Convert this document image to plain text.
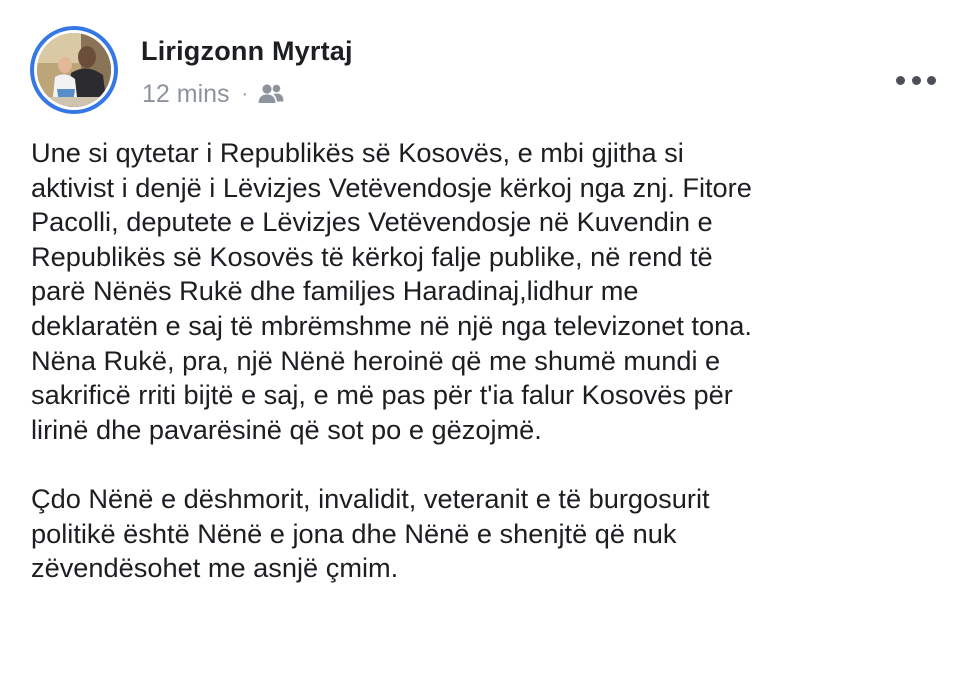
Lirigzonn Myrtaj
12 mins ·

Une si qytetar i Republikës së Kosovës, e mbi gjitha si
aktivist i denjë i Lëvizjes Vetëvendosje kërkoj nga znj. Fitore
Pacolli, deputete e Lëvizjes Vetëvendosje në Kuvendin e
Republikës së Kosovës të kërkoj falje publike, në rend të
parë Nënës Rukë dhe familjes Haradinaj,lidhur me
deklaratën e saj të mbrëmshme në një nga televizonet tona.
Nëna Rukë, pra, një Nënë heroinë që me shumë mundi e
sakrificë rriti bijtë e saj, e më pas për t'ia falur Kosovës për
lirinë dhe pavarësinë që sot po e gëzojmë.

Çdo Nënë e dëshmorit, invalidit, veteranit e të burgosurit
politikë është Nënë e jona dhe Nënë e shenjtë që nuk
zëvendësohet me asnjë çmim.
